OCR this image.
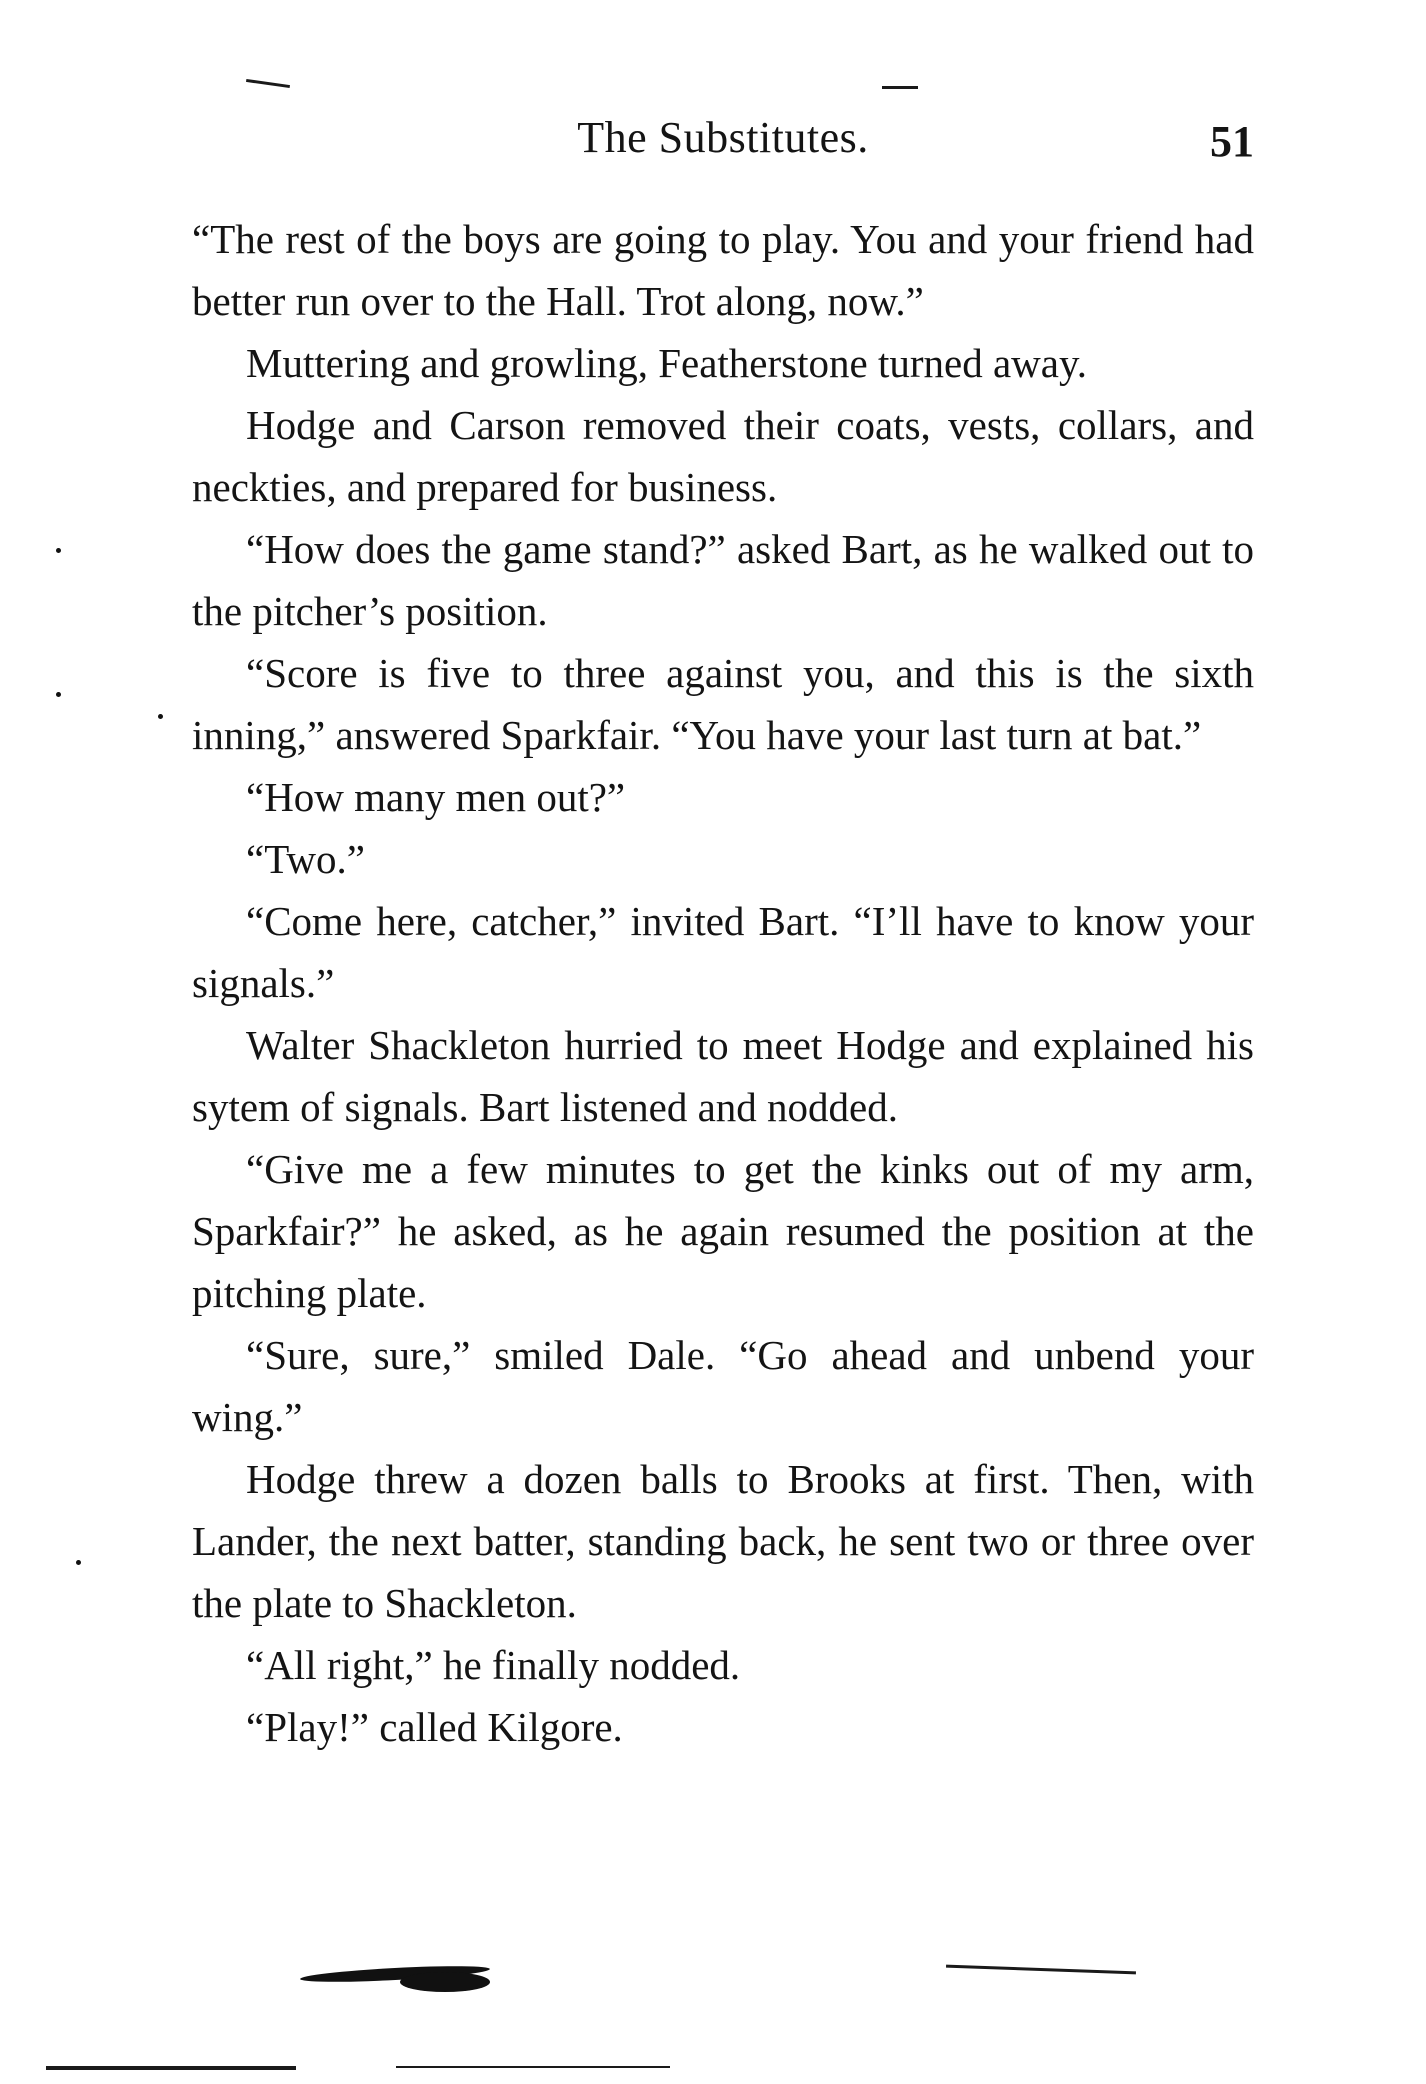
The Substitutes.	51

“The rest of the boys are going to play. You and your friend had better run over to the Hall. Trot along, now.”

Muttering and growling, Featherstone turned away.

Hodge and Carson removed their coats, vests, collars, and neckties, and prepared for business.

“How does the game stand?” asked Bart, as he walked out to the pitcher’s position.

“Score is five to three against you, and this is the sixth inning,” answered Sparkfair. “You have your last turn at bat.”

“How many men out?”

“Two.”

“Come here, catcher,” invited Bart. “I’ll have to know your signals.”

Walter Shackleton hurried to meet Hodge and explained his sytem of signals. Bart listened and nodded.

“Give me a few minutes to get the kinks out of my arm, Sparkfair?” he asked, as he again resumed the position at the pitching plate.

“Sure, sure,” smiled Dale. “Go ahead and unbend your wing.”

Hodge threw a dozen balls to Brooks at first. Then, with Lander, the next batter, standing back, he sent two or three over the plate to Shackleton.

“All right,” he finally nodded.

“Play!” called Kilgore.
